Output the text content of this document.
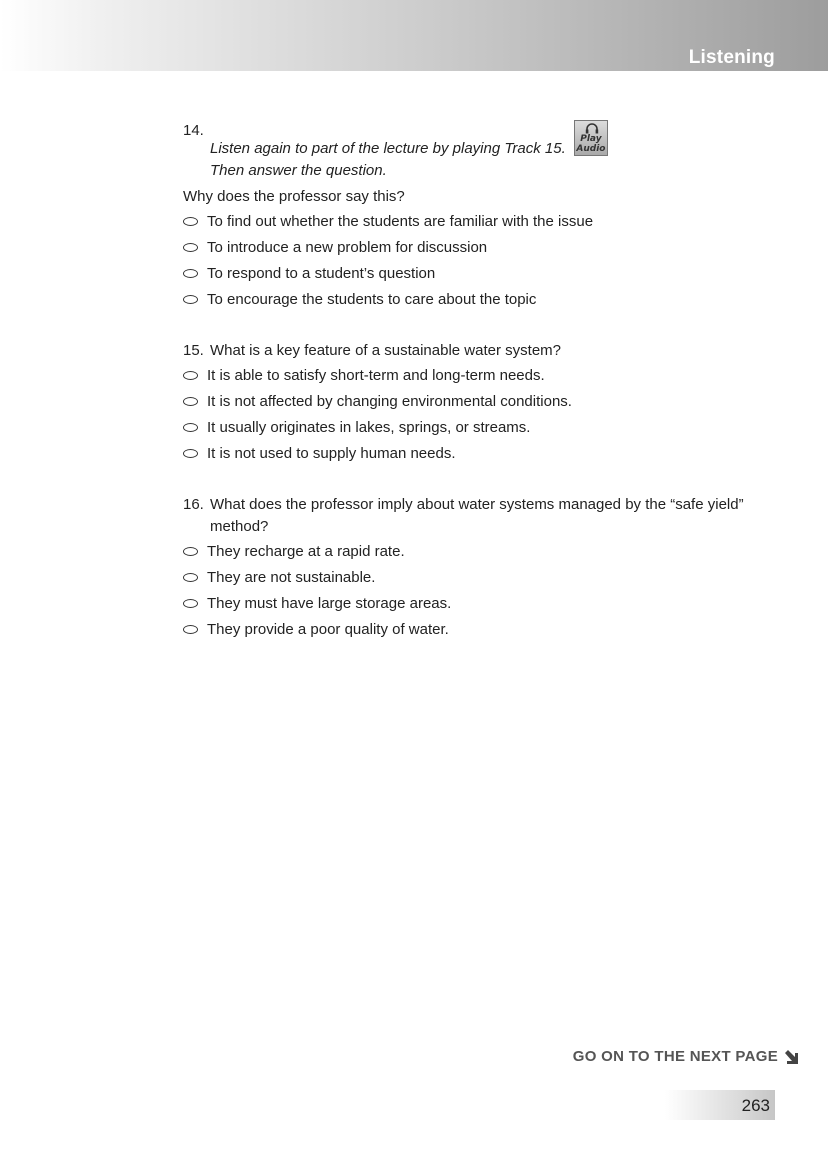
Listening
14.
Listen again to part of the lecture by playing Track 15.
Play
Audio

Then answer the question.
Why does the professor say this?
To find out whether the students are familiar with the issue
To introduce a new problem for discussion
To respond to a student’s question
To encourage the students to care about the topic
15. What is a key feature of a sustainable water system?
It is able to satisfy short-term and long-term needs.
It is not affected by changing environmental conditions.
It usually originates in lakes, springs, or streams.
It is not used to supply human needs.
16. What does the professor imply about water systems managed by the “safe yield” method?
They recharge at a rapid rate.
They are not sustainable.
They must have large storage areas.
They provide a poor quality of water.
GO ON TO THE NEXT PAGE
263
